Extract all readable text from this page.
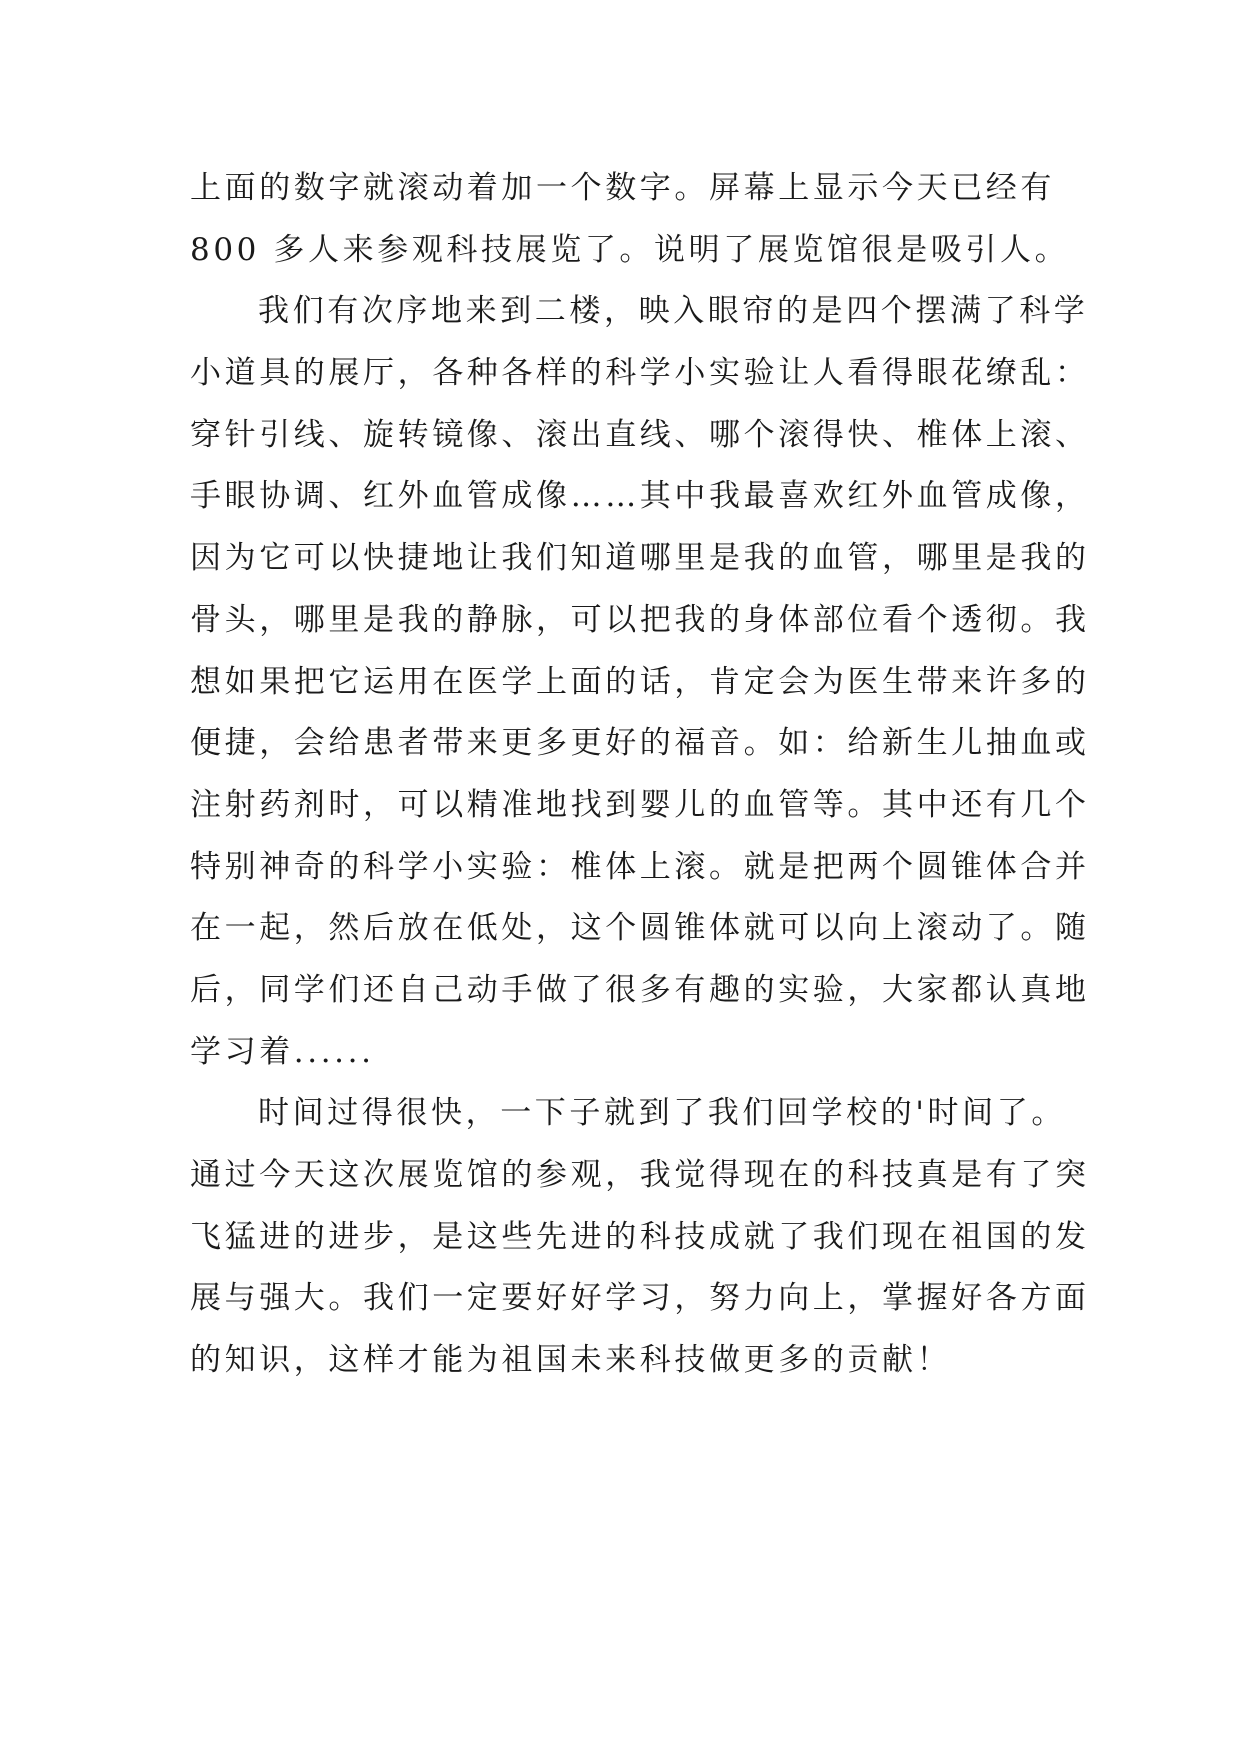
上面的数字就滚动着加一个数字。屏幕上显示今天已经有
800 多人来参观科技展览了。说明了展览馆很是吸引人。
我们有次序地来到二楼，映入眼帘的是四个摆满了科学
小道具的展厅，各种各样的科学小实验让人看得眼花缭乱：
穿针引线、旋转镜像、滚出直线、哪个滚得快、椎体上滚、
手眼协调、红外血管成像……其中我最喜欢红外血管成像，
因为它可以快捷地让我们知道哪里是我的血管，哪里是我的
骨头，哪里是我的静脉，可以把我的身体部位看个透彻。我
想如果把它运用在医学上面的话，肯定会为医生带来许多的
便捷，会给患者带来更多更好的福音。如：给新生儿抽血或
注射药剂时，可以精准地找到婴儿的血管等。其中还有几个
特别神奇的科学小实验：椎体上滚。就是把两个圆锥体合并
在一起，然后放在低处，这个圆锥体就可以向上滚动了。随
后，同学们还自己动手做了很多有趣的实验，大家都认真地
学习着......
时间过得很快，一下子就到了我们回学校的'时间了。
通过今天这次展览馆的参观，我觉得现在的科技真是有了突
飞猛进的进步，是这些先进的科技成就了我们现在祖国的发
展与强大。我们一定要好好学习，努力向上，掌握好各方面
的知识，这样才能为祖国未来科技做更多的贡献！
